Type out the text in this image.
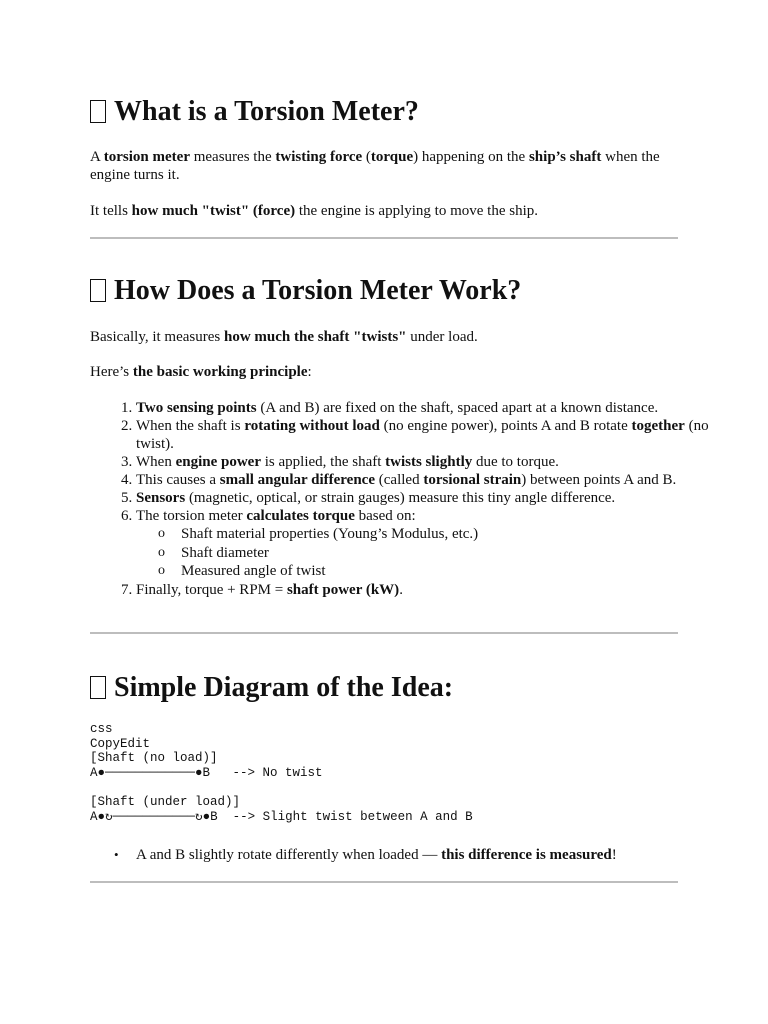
What is a Torsion Meter?

A torsion meter measures the twisting force (torque) happening on the ship’s shaft when the engine turns it.

It tells how much "twist" (force) the engine is applying to move the ship.

How Does a Torsion Meter Work?

Basically, it measures how much the shaft "twists" under load.

Here’s the basic working principle:

1. Two sensing points (A and B) are fixed on the shaft, spaced apart at a known distance.
2. When the shaft is rotating without load (no engine power), points A and B rotate together (no twist).
3. When engine power is applied, the shaft twists slightly due to torque.
4. This causes a small angular difference (called torsional strain) between points A and B.
5. Sensors (magnetic, optical, or strain gauges) measure this tiny angle difference.
6. The torsion meter calculates torque based on:
o Shaft material properties (Young’s Modulus, etc.)
o Shaft diameter
o Measured angle of twist
7. Finally, torque + RPM = shaft power (kW).
Simple Diagram of the Idea:
css
CopyEdit
[Shaft (no load)]
A●────────────●B   --> No twist

[Shaft (under load)]
A●↻───────────↻●B  --> Slight twist between A and B
• A and B slightly rotate differently when loaded — this difference is measured!
